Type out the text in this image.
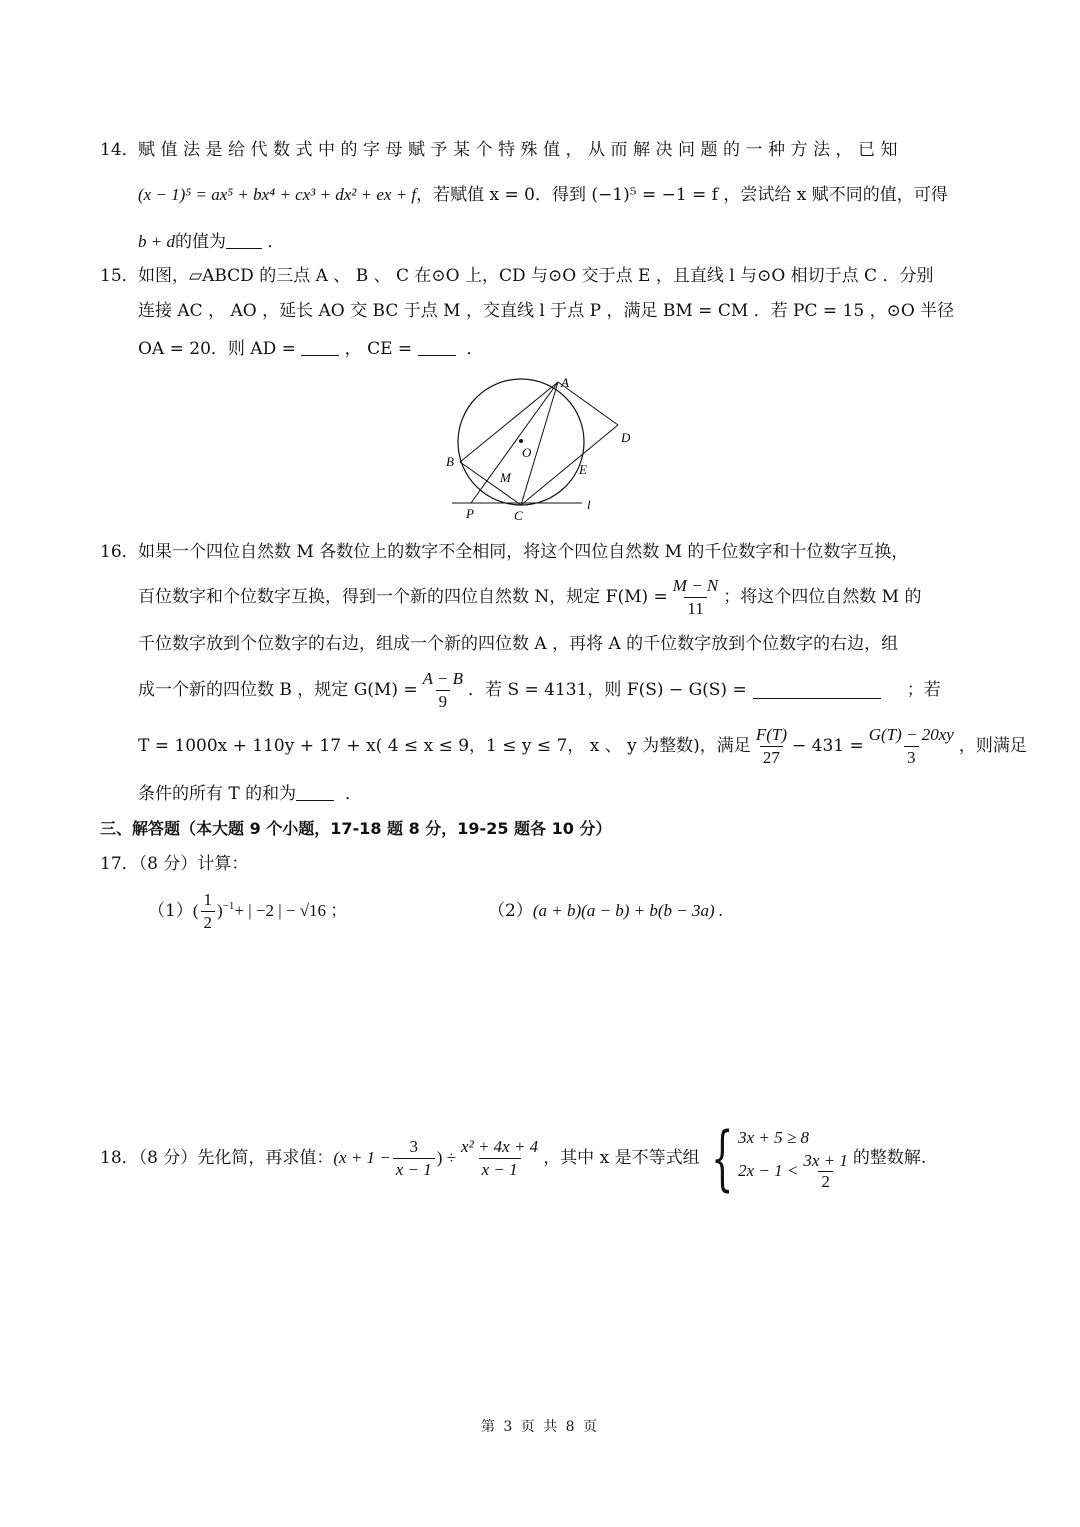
14． 赋值法是给代数式中的字母赋予某个特殊值，从而解决问题的一种方法，已知
(x − 1)⁵ = ax⁵ + bx⁴ + cx³ + dx² + ex + f，若赋值 x = 0．得到 (−1)⁵ = −1 = f ，尝试给 x 赋不同的值，可得
b + d的值为 ．
15． 如图，▱ABCD 的三点 A 、 B 、 C 在⊙O 上，CD 与⊙O 交于点 E ，且直线 l 与⊙O 相切于点 C ．分别
连接 AC ， AO ，延长 AO 交 BC 于点 M ，交直线 l 于点 P ，满足 BM = CM ．若 PC = 15 ，⊙O 半径
OA = 20．则 AD =	， CE =	．
A
B
C
D
E
O
M
P
l
16． 如果一个四位自然数 M 各数位上的数字不全相同，将这个四位自然数 M 的千位数字和十位数字互换，
百位数字和个位数字互换，得到一个新的四位自然数 N，规定 $F(M) = \frac{M - N}{11}$ ；将这个四位自然数 M 的
千位数字放到个位数字的右边，组成一个新的四位数 A ，再将 A 的千位数字放到个位数字的右边，组
成一个新的四位数 B ，规定 $G(M) = \frac{A - B}{9}$ ．若 S = 4131，则 F(S) − G(S) =	；若
T = 1000x + 110y + 17 + x( 4 ≤ x ≤ 9，1 ≤ y ≤ 7， x 、 y 为整数)，满足 $\frac{F(T)}{27} - 431 = \frac{G(T) - 20xy}{3}$ ，则满足
条件的所有 T 的和为	．
三、解答题（本大题 9 个小题，17-18 题 8 分，19-25 题各 10 分）
17．（8 分）计算：
（1） ( $\frac{1}{2} )^{-1}$ + | −2 | − √16 ；	（2） (a + b)(a − b) + b(b − 3a) .
18．（8 分）先化简，再求值： ($x + 1 - \frac{3}{x - 1}$ ) ÷ $\frac{\text{x² + 4x + 4}}{x - 1}$ ，其中 x 是不等式组 { 3x + 5 ≥ 8
$2x - 1 < \frac{3x + 1}{2}$ 的整数解.
第 3 页 共 8 页
